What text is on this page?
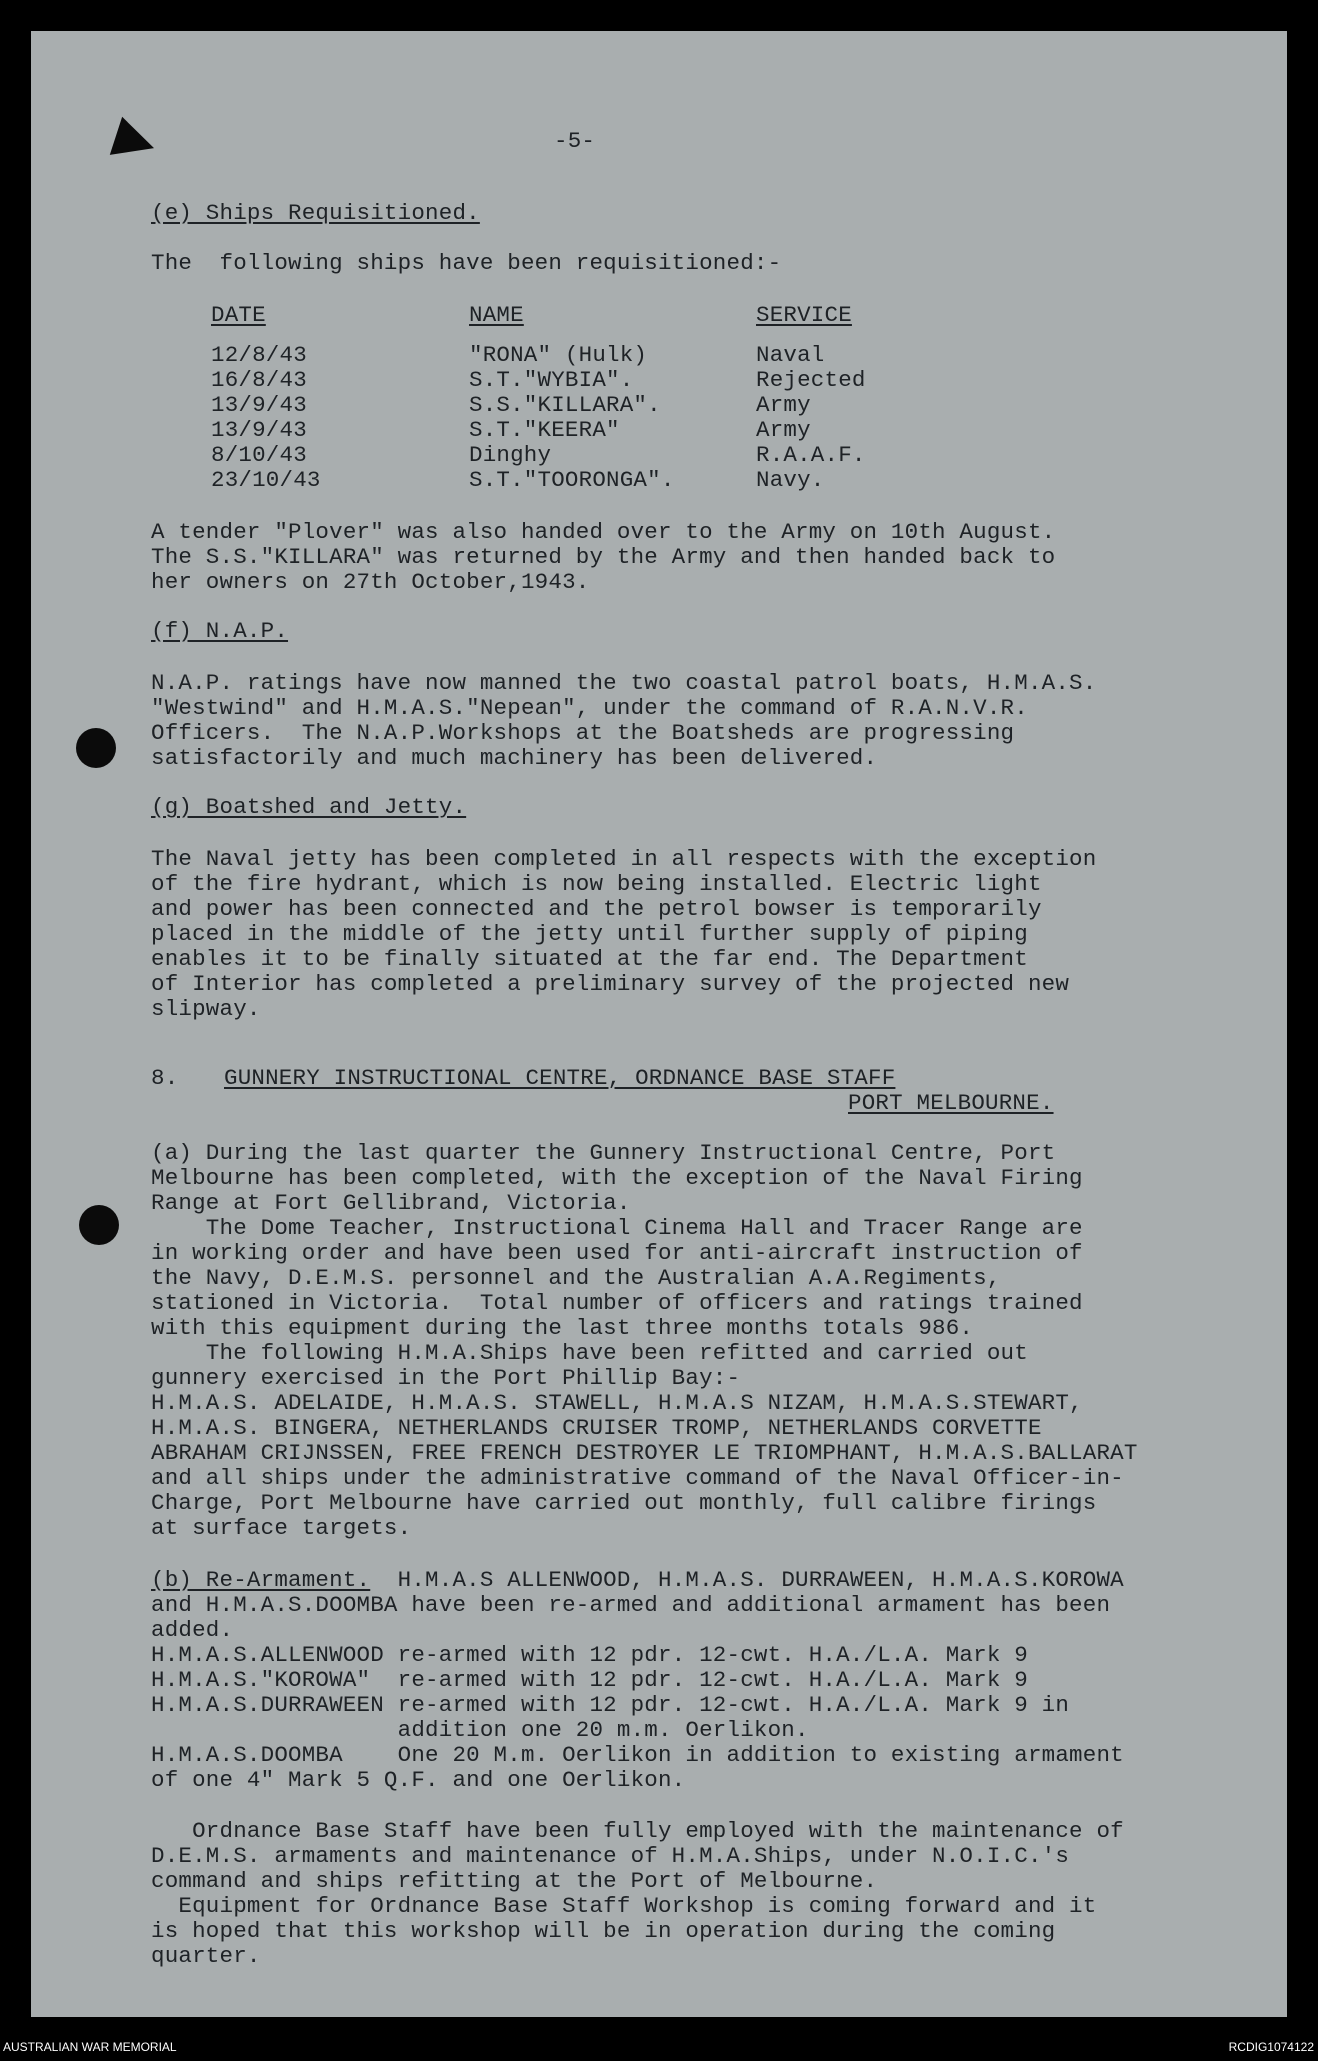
-5-
(e) Ships Requisitioned.
The  following ships have been requisitioned:-
DATE	NAME	SERVICE
12/8/43	"RONA" (Hulk)	Naval
16/8/43	S.T."WYBIA".	Rejected
13/9/43	S.S."KILLARA".	Army
13/9/43	S.T."KEERA"	Army
8/10/43	Dinghy	R.A.A.F.
23/10/43	S.T."TOORONGA".	Navy.
A tender "Plover" was also handed over to the Army on 10th August.
The S.S."KILLARA" was returned by the Army and then handed back to
her owners on 27th October,1943.
(f) N.A.P.
N.A.P. ratings have now manned the two coastal patrol boats, H.M.A.S.
"Westwind" and H.M.A.S."Nepean", under the command of R.A.N.V.R.
Officers.  The N.A.P.Workshops at the Boatsheds are progressing
satisfactorily and much machinery has been delivered.
(g) Boatshed and Jetty.
The Naval jetty has been completed in all respects with the exception
of the fire hydrant, which is now being installed. Electric light
and power has been connected and the petrol bowser is temporarily
placed in the middle of the jetty until further supply of piping
enables it to be finally situated at the far end. The Department
of Interior has completed a preliminary survey of the projected new
slipway.
8. GUNNERY INSTRUCTIONAL CENTRE, ORDNANCE BASE STAFF
PORT MELBOURNE.
(a) During the last quarter the Gunnery Instructional Centre, Port
Melbourne has been completed, with the exception of the Naval Firing
Range at Fort Gellibrand, Victoria.
The Dome Teacher, Instructional Cinema Hall and Tracer Range are
in working order and have been used for anti-aircraft instruction of
the Navy, D.E.M.S. personnel and the Australian A.A.Regiments,
stationed in Victoria.  Total number of officers and ratings trained
with this equipment during the last three months totals 986.
The following H.M.A.Ships have been refitted and carried out
gunnery exercised in the Port Phillip Bay:-
H.M.A.S. ADELAIDE, H.M.A.S. STAWELL, H.M.A.S NIZAM, H.M.A.S.STEWART,
H.M.A.S. BINGERA, NETHERLANDS CRUISER TROMP, NETHERLANDS CORVETTE
ABRAHAM CRIJNSSEN, FREE FRENCH DESTROYER LE TRIOMPHANT, H.M.A.S.BALLARAT
and all ships under the administrative command of the Naval Officer-in-
Charge, Port Melbourne have carried out monthly, full calibre firings
at surface targets.
(b) Re-Armament.  H.M.A.S ALLENWOOD, H.M.A.S. DURRAWEEN, H.M.A.S.KOROWA
and H.M.A.S.DOOMBA have been re-armed and additional armament has been
added.
H.M.A.S.ALLENWOOD re-armed with 12 pdr. 12-cwt. H.A./L.A. Mark 9
H.M.A.S."KOROWA"  re-armed with 12 pdr. 12-cwt. H.A./L.A. Mark 9
H.M.A.S.DURRAWEEN re-armed with 12 pdr. 12-cwt. H.A./L.A. Mark 9 in
addition one 20 m.m. Oerlikon.
H.M.A.S.DOOMBA    One 20 M.m. Oerlikon in addition to existing armament
of one 4" Mark 5 Q.F. and one Oerlikon.
Ordnance Base Staff have been fully employed with the maintenance of
D.E.M.S. armaments and maintenance of H.M.A.Ships, under N.O.I.C.'s
command and ships refitting at the Port of Melbourne.
Equipment for Ordnance Base Staff Workshop is coming forward and it
is hoped that this workshop will be in operation during the coming
quarter.
AUSTRALIAN WAR MEMORIAL	RCDIG1074122
